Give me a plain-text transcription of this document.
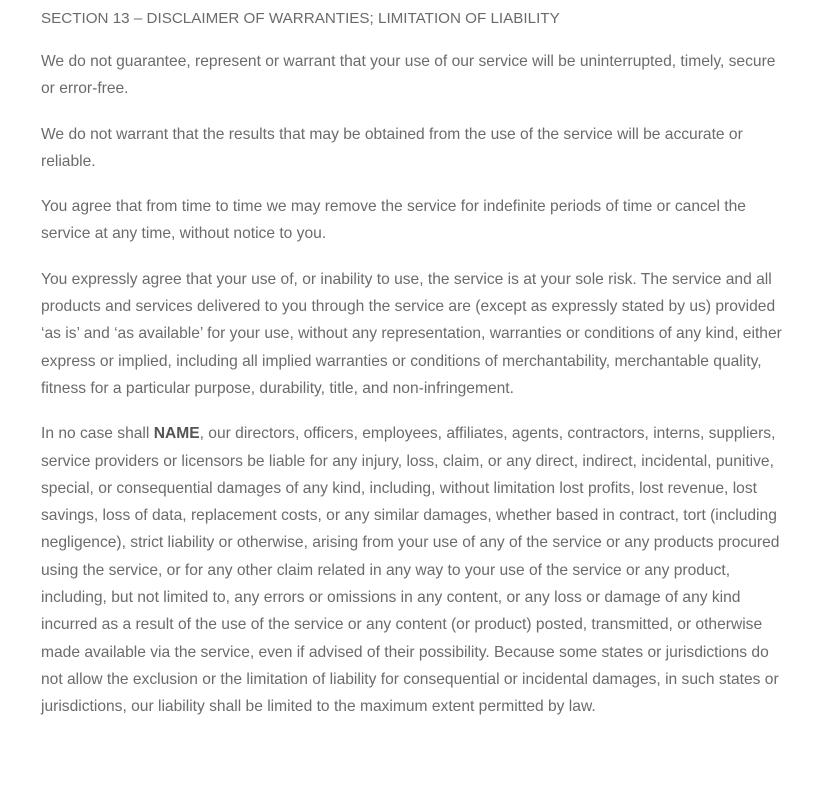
SECTION 13 – DISCLAIMER OF WARRANTIES; LIMITATION OF LIABILITY

We do not guarantee, represent or warrant that your use of our service will be uninterrupted, timely, secure or error-free.

We do not warrant that the results that may be obtained from the use of the service will be accurate or reliable.

You agree that from time to time we may remove the service for indefinite periods of time or cancel the service at any time, without notice to you.

You expressly agree that your use of, or inability to use, the service is at your sole risk. The service and all products and services delivered to you through the service are (except as expressly stated by us) provided ‘as is’ and ‘as available’ for your use, without any representation, warranties or conditions of any kind, either express or implied, including all implied warranties or conditions of merchantability, merchantable quality, fitness for a particular purpose, durability, title, and non-infringement.

In no case shall NAME, our directors, officers, employees, affiliates, agents, contractors, interns, suppliers, service providers or licensors be liable for any injury, loss, claim, or any direct, indirect, incidental, punitive, special, or consequential damages of any kind, including, without limitation lost profits, lost revenue, lost savings, loss of data, replacement costs, or any similar damages, whether based in contract, tort (including negligence), strict liability or otherwise, arising from your use of any of the service or any products procured using the service, or for any other claim related in any way to your use of the service or any product, including, but not limited to, any errors or omissions in any content, or any loss or damage of any kind incurred as a result of the use of the service or any content (or product) posted, transmitted, or otherwise made available via the service, even if advised of their possibility. Because some states or jurisdictions do not allow the exclusion or the limitation of liability for consequential or incidental damages, in such states or jurisdictions, our liability shall be limited to the maximum extent permitted by law.
